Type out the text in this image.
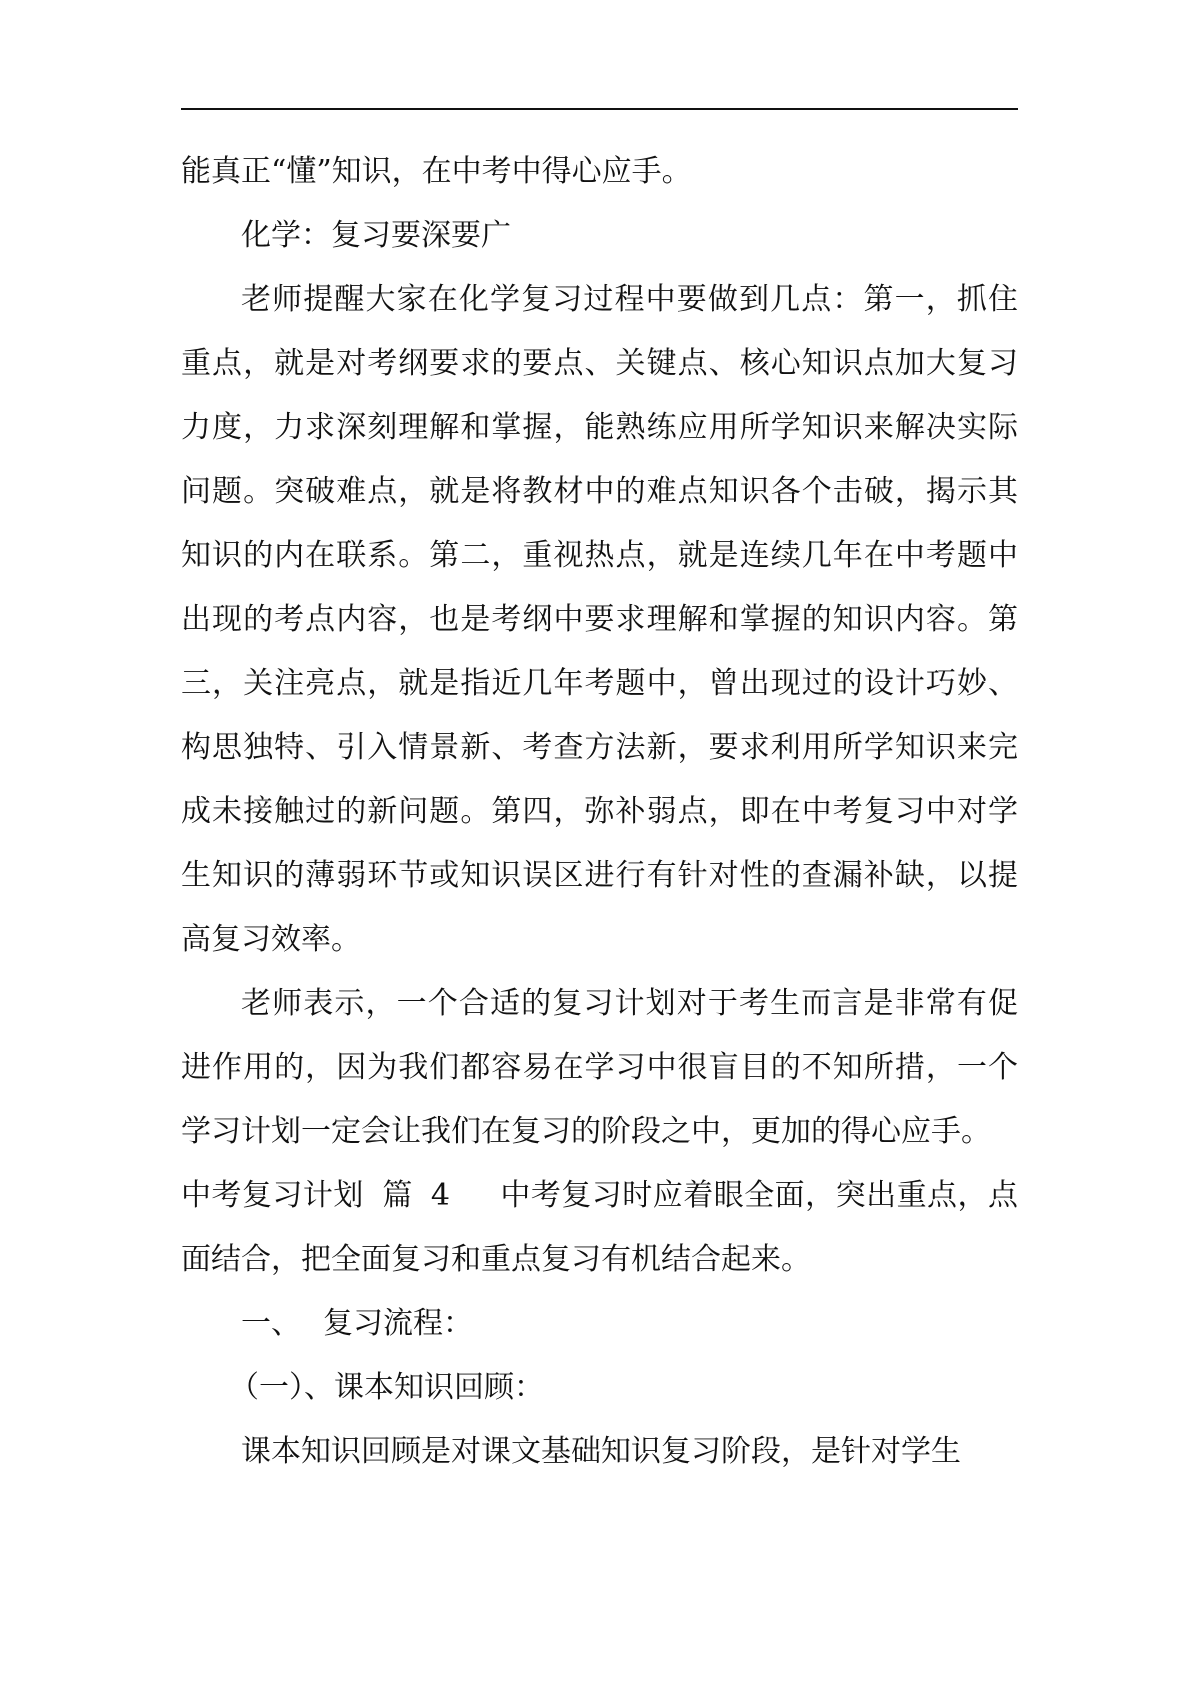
能真正“懂”知识，在中考中得心应手。

化学：复习要深要广

老师提醒大家在化学复习过程中要做到几点：第一，抓住重点，就是对考纲要求的要点、关键点、核心知识点加大复习力度，力求深刻理解和掌握，能熟练应用所学知识来解决实际问题。突破难点，就是将教材中的难点知识各个击破，揭示其知识的内在联系。第二，重视热点，就是连续几年在中考题中出现的考点内容，也是考纲中要求理解和掌握的知识内容。第三，关注亮点，就是指近几年考题中，曾出现过的设计巧妙、构思独特、引入情景新、考查方法新，要求利用所学知识来完成未接触过的新问题。第四，弥补弱点，即在中考复习中对学生知识的薄弱环节或知识误区进行有针对性的查漏补缺，以提高复习效率。

老师表示，一个合适的复习计划对于考生而言是非常有促进作用的，因为我们都容易在学习中很盲目的不知所措，一个学习计划一定会让我们在复习的阶段之中，更加的得心应手。

中考复习计划 篇 4 中考复习时应着眼全面，突出重点，点面结合，把全面复习和重点复习有机结合起来。

一、 复习流程：

（一）、课本知识回顾：

课本知识回顾是对课文基础知识复习阶段，是针对学生
